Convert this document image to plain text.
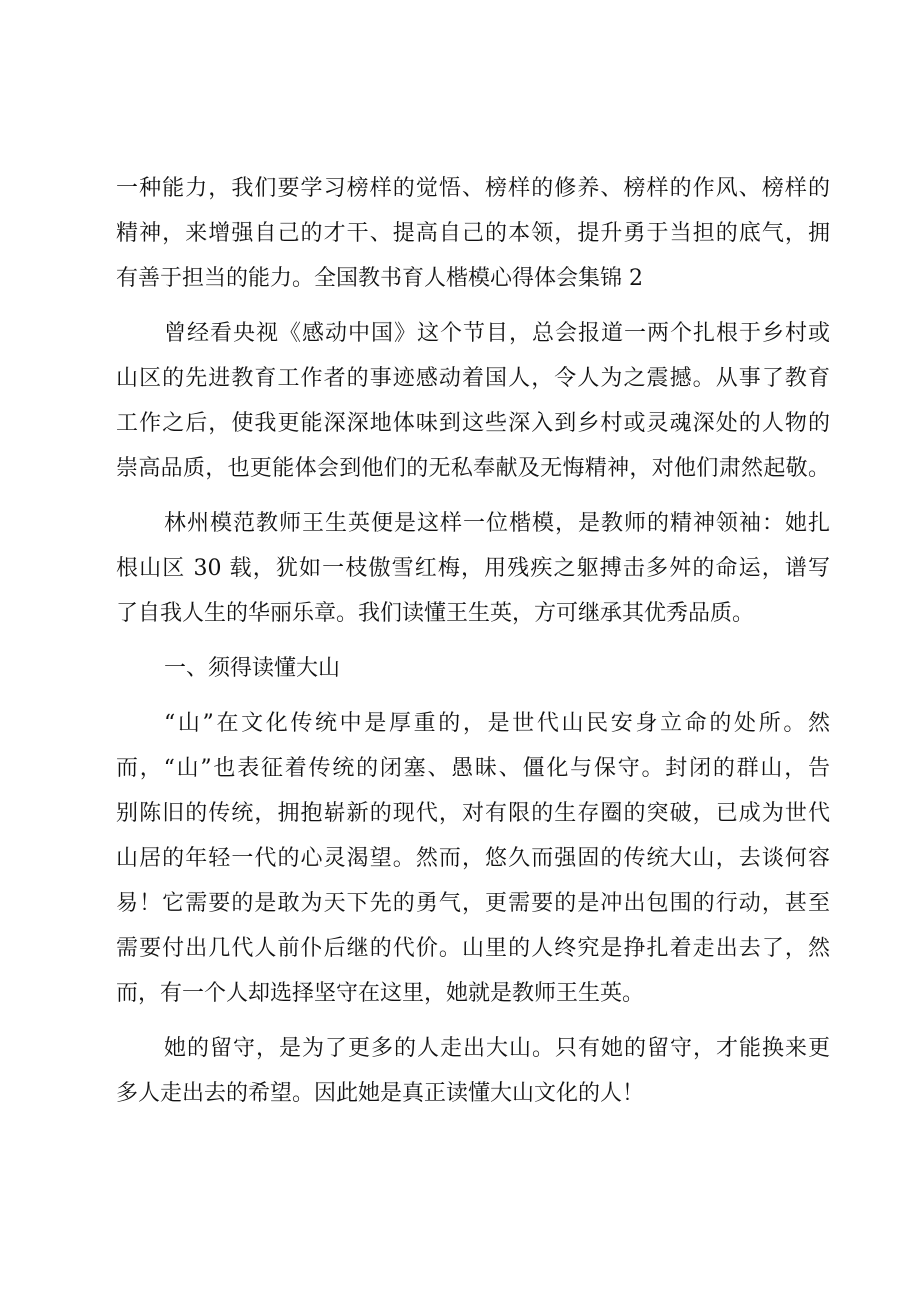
一种能力，我们要学习榜样的觉悟、榜样的修养、榜样的作风、榜样的
精神，来增强自己的才干、提高自己的本领，提升勇于当担的底气，拥
有善于担当的能力。全国教书育人楷模心得体会集锦 2
曾经看央视《感动中国》这个节目，总会报道一两个扎根于乡村或
山区的先进教育工作者的事迹感动着国人，令人为之震撼。从事了教育
工作之后，使我更能深深地体味到这些深入到乡村或灵魂深处的人物的
崇高品质，也更能体会到他们的无私奉献及无悔精神，对他们肃然起敬。
林州模范教师王生英便是这样一位楷模，是教师的精神领袖：她扎
根山区 30 载，犹如一枝傲雪红梅，用残疾之躯搏击多舛的命运，谱写
了自我人生的华丽乐章。我们读懂王生英，方可继承其优秀品质。
一、须得读懂大山
“山”在文化传统中是厚重的，是世代山民安身立命的处所。然
而，“山”也表征着传统的闭塞、愚昧、僵化与保守。封闭的群山，告
别陈旧的传统，拥抱崭新的现代，对有限的生存圈的突破，已成为世代
山居的年轻一代的心灵渴望。然而，悠久而强固的传统大山，去谈何容
易！它需要的是敢为天下先的勇气，更需要的是冲出包围的行动，甚至
需要付出几代人前仆后继的代价。山里的人终究是挣扎着走出去了，然
而，有一个人却选择坚守在这里，她就是教师王生英。
她的留守，是为了更多的人走出大山。只有她的留守，才能换来更
多人走出去的希望。因此她是真正读懂大山文化的人！
